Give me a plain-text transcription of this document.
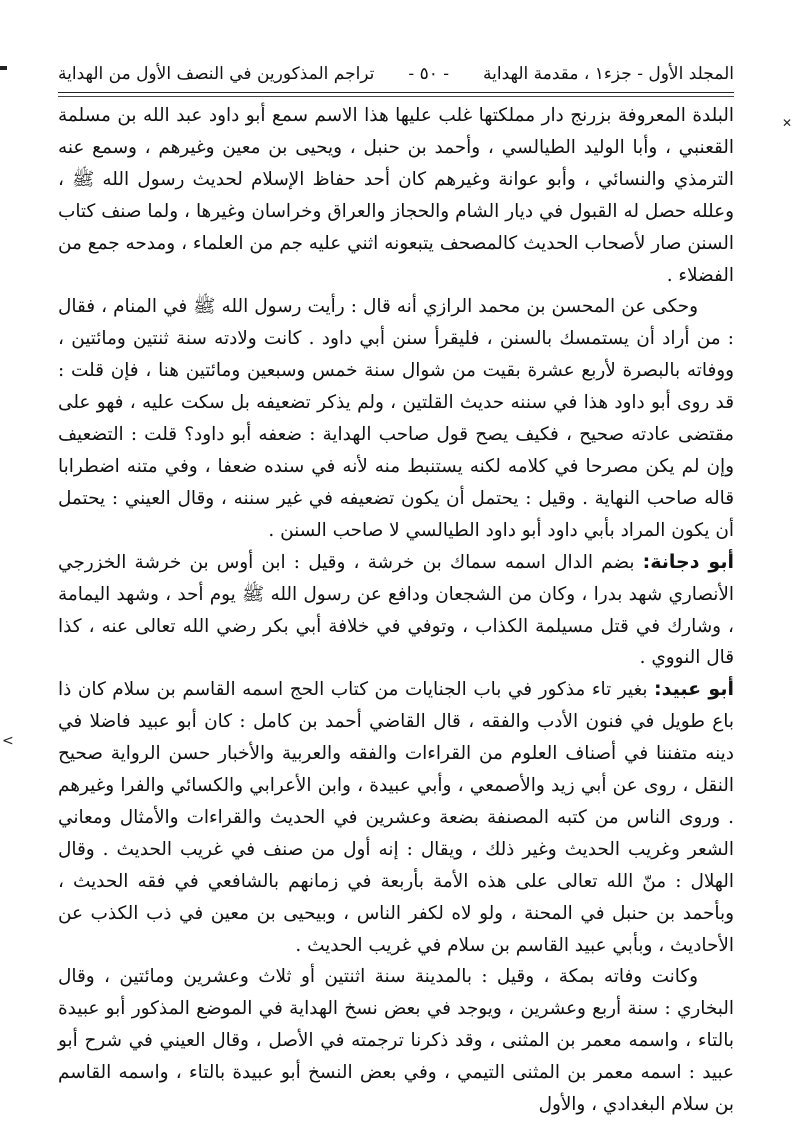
<
✕
المجلد الأول - جزء١ ، مقدمة الهداية
- ٥٠ -
تراجم المذكورين في النصف الأول من الهداية

البلدة المعروفة بزرنج دار مملكتها غلب عليها هذا الاسم سمع أبو داود عبد الله بن مسلمة القعنبي ، وأبا الوليد الطيالسي ، وأحمد بن حنبل ، ويحيى بن معين وغيرهم ، وسمع عنه الترمذي والنسائي ، وأبو عوانة وغيرهم كان أحد حفاظ الإسلام لحديث رسول الله ﷺ ، وعلله حصل له القبول في ديار الشام والحجاز والعراق وخراسان وغيرها ، ولما صنف كتاب السنن صار لأصحاب الحديث كالمصحف يتبعونه اثني عليه جم من العلماء ، ومدحه جمع من الفضلاء .

وحكى عن المحسن بن محمد الرازي أنه قال : رأيت رسول الله ﷺ في المنام ، فقال : من أراد أن يستمسك بالسنن ، فليقرأ سنن أبي داود . كانت ولادته سنة ثنتين ومائتين ، ووفاته بالبصرة لأربع عشرة بقيت من شوال سنة خمس وسبعين ومائتين هنا ، فإن قلت : قد روى أبو داود هذا في سننه حديث القلتين ، ولم يذكر تضعيفه بل سكت عليه ، فهو على مقتضى عادته صحيح ، فكيف يصح قول صاحب الهداية : ضعفه أبو داود؟ قلت : التضعيف وإن لم يكن مصرحا في كلامه لكنه يستنبط منه لأنه في سنده ضعفا ، وفي متنه اضطرابا قاله صاحب النهاية . وقيل : يحتمل أن يكون تضعيفه في غير سننه ، وقال العيني : يحتمل أن يكون المراد بأبي داود أبو داود الطيالسي لا صاحب السنن .

أبو دجانة: بضم الدال اسمه سماك بن خرشة ، وقيل : ابن أوس بن خرشة الخزرجي الأنصاري شهد بدرا ، وكان من الشجعان ودافع عن رسول الله ﷺ يوم أحد ، وشهد اليمامة ، وشارك في قتل مسيلمة الكذاب ، وتوفي في خلافة أبي بكر رضي الله تعالى عنه ، كذا قال النووي .

أبو عبيد: بغير تاء مذكور في باب الجنايات من كتاب الحج اسمه القاسم بن سلام كان ذا باع طويل في فنون الأدب والفقه ، قال القاضي أحمد بن كامل : كان أبو عبيد فاضلا في دينه متفننا في أصناف العلوم من القراءات والفقه والعربية والأخبار حسن الرواية صحيح النقل ، روى عن أبي زيد والأصمعي ، وأبي عبيدة ، وابن الأعرابي والكسائي والفرا وغيرهم . وروى الناس من كتبه المصنفة بضعة وعشرين في الحديث والقراءات والأمثال ومعاني الشعر وغريب الحديث وغير ذلك ، ويقال : إنه أول من صنف في غريب الحديث . وقال الهلال : منّ الله تعالى على هذه الأمة بأربعة في زمانهم بالشافعي في فقه الحديث ، وبأحمد بن حنبل في المحنة ، ولو لاه لكفر الناس ، وبيحيى بن معين في ذب الكذب عن الأحاديث ، وبأبي عبيد القاسم بن سلام في غريب الحديث .

وكانت وفاته بمكة ، وقيل : بالمدينة سنة اثنتين أو ثلاث وعشرين ومائتين ، وقال البخاري : سنة أربع وعشرين ، ويوجد في بعض نسخ الهداية في الموضع المذكور أبو عبيدة بالتاء ، واسمه معمر بن المثنى ، وقد ذكرنا ترجمته في الأصل ، وقال العيني في شرح أبو عبيد : اسمه معمر بن المثنى التيمي ، وفي بعض النسخ أبو عبيدة بالتاء ، واسمه القاسم بن سلام البغدادي ، والأول
